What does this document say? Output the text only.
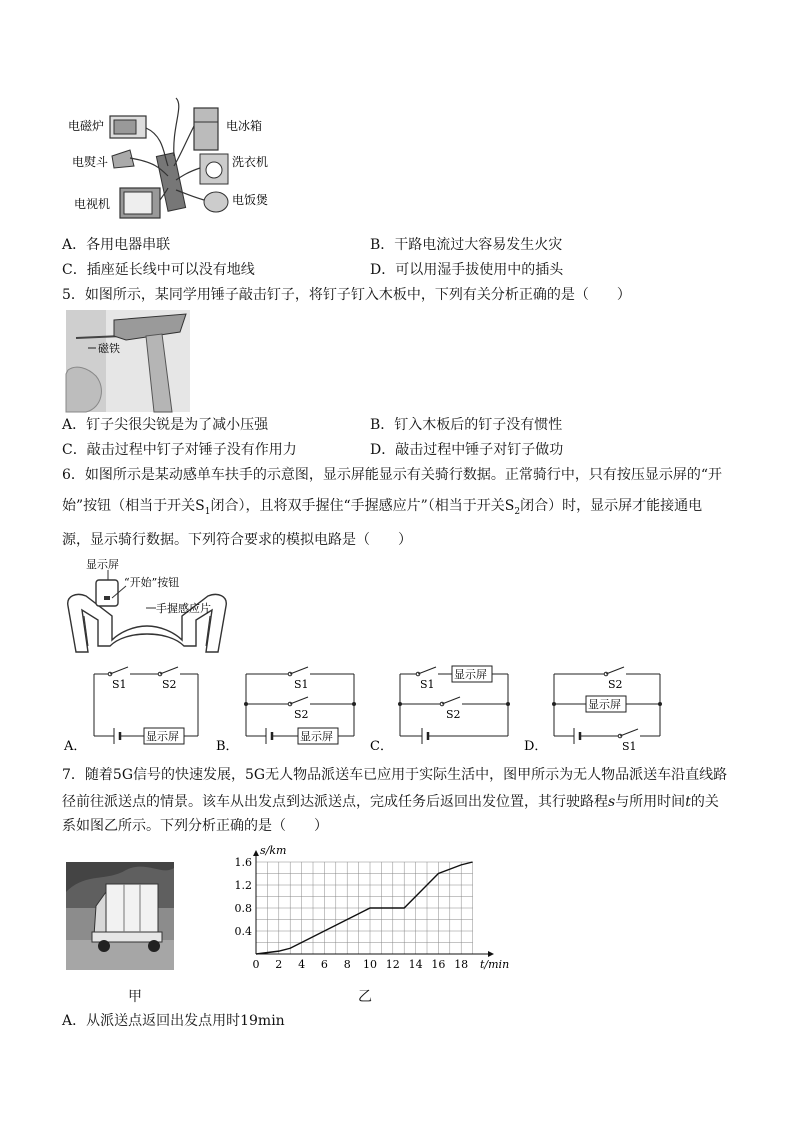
电磁炉	电冰箱
电熨斗	洗衣机
电视机	电饭煲
A．各用电器串联	B．干路电流过大容易发生火灾
C．插座延长线中可以没有地线	D．可以用湿手拔使用中的插头
5．如图所示，某同学用锤子敲击钉子，将钉子钉入木板中，下列有关分析正确的是（　　）
磁铁
A．钉子尖很尖锐是为了减小压强	B．钉入木板后的钉子没有惯性
C．敲击过程中钉子对锤子没有作用力	D．敲击过程中锤子对钉子做功
6．如图所示是某动感单车扶手的示意图，显示屏能显示有关骑行数据。正常骑行中，只有按压显示屏的“开
始”按钮（相当于开关$S_1$闭合），且将双手握住“手握感应片”（相当于开关$S_2$闭合）时，显示屏才能接通电
源，显示骑行数据。下列符合要求的模拟电路是（　　）
显示屏
“开始”按钮
手握感应片
S1	S2
显示屏
A．
S1
S2
显示屏
B．
S1
S2
显示屏
C．
S2
显示屏
S1
D．
7．随着5G信号的快速发展，5G无人物品派送车已应用于实际生活中，图甲所示为无人物品派送车沿直线路
径前往派送点的情景。该车从出发点到达派送点，完成任务后返回出发位置，其行驶路程s与所用时间t的关
系如图乙所示。下列分析正确的是（　　）
0 2 4 6 8 10 12 14 16 18
0.4
0.8
1.2
1.6
t/min
s/km
甲	乙
A．从派送点返回出发点用时19min
